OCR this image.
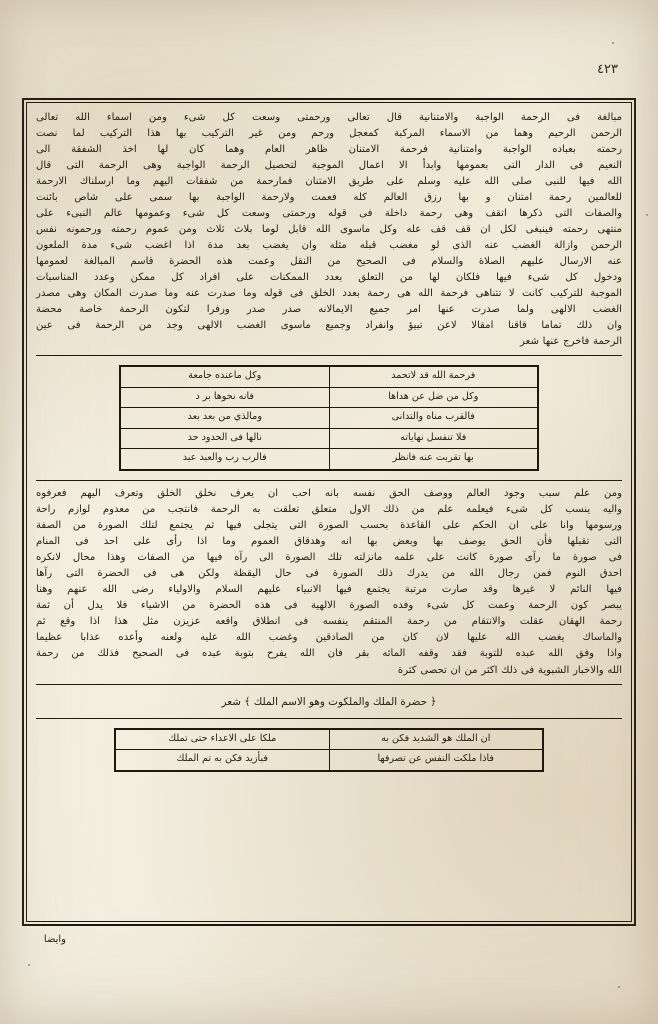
٤٢٣
مبالغة فى الرحمة الواجبة والامتنانية قال تعالى ورحمتى وسعت كل شىء ومن اسماء الله تعالى
الرحمن الرحيم وهما من الاسماء المركبة كمعجل ورحم ومن غير الترکیب بها هذا التركيب لما نصت
رحمته بعباده الواجبة وامتنانية فرحمة الامتنان ظاهر العام وهما كان لها اخذ الشفقة الى
النعيم فى الدار التى بعمومها وابدأ الا اعمال الموجبة لتحصيل الرحمة الواجبة وهى الرحمة التى قال
الله فيها للنبى صلى الله عليه وسلم على طريق الامتنان فمارحمة من شفقات اليهم وما ارسلناك الارحمة
للعالمين رحمة امتنان و بها رزق العالم كله فعمت ولارحمة الواجبة بها سمى على شاص بائنت
والصفات التى ذكرها اتقف وهى رحمة داخلة فى قوله ورحمتى وسعت كل شىء وعمومها عالم النبىء على
منتهى رحمته فينبغى لكل ان قف قف عله وكل ماسوى الله قابل لوما بلاث ثلاث ومن عموم رحمته ورحمونه نفس
الرحمن وازالة الغضب عنه الذى لو مغضب قبله مثله وان یغضب بعد مدة اذا اغضب شىء مدة الملعون
عنه الارسال عليهم الصلاة والسلام فى الصحيح من النقل وعمت هذه الحضرة قاسم المبالغة لعمومها
ودخول كل شىء فيها فلكان لها من التعلق بعدد الممكنات على افراد كل ممكن وعدد المناسبات
الموجبة للتركيب كانت لا تتناهى فرحمة الله هى رحمة بعدد الخلق فى قوله وما صدرت عنه وما صدرت المكان وهى مصدر
الغضب الالهى ولما صدرت عنها امر جميع الايمالانه صدر صدر ورفرا لتكون الرحمة خاصة محضة
وان ذلك تماما قاقنا امقالا لاعن تبيؤ وانفراد وجميع ماسوى الغضب الالهى وجد من الرحمة فى عين
الرحمة فاخرج عنها شعر
فرحمة الله قد لاتحمد	وكل ماعنده جامعة
وكل من ضل عن هداها	فانه نحوها بر د
فالقرب مناه والتدانى	ومالذي من بعد بعد
فلا تنفسل نهاياته	نالها فى الحدود حد
بها تقربت عنه فانظر	فالرب رب والعبد عبد
ومن علم سبب وجود العالم ووصف الحق نفسه بانه احب ان يعرف نخلق الخلق وتعرف اليهم فعرفوه
واليه ينسب كل شىء فيعلمه علم من ذلك الاول متعلق تعلقت به الرحمة فانتجب من معدوم لوازم راحة
ورسومها وانا على ان الحكم على القاعدة بحسب الصورة التى يتجلى فيها ثم يجتمع لتلك الصورة من الصفة
التى تقبلها فأن الحق يوصف بها وبعض بها انه وهدقاق العموم وما اذا رأى على احد فى المنام
فى صورة ما رآى صورة كانت على علمه مانزلته تلك الصورة الى رآه فيها من الصفات وهذا محال لانكره
احدق النوم فمن رجال الله من يدرك ذلك الصورة فى حال اليقظة ولكن هى فى الحضرة التى رآها
فيها النائم لا غيرها وقد صارت مرتبة يجتمع فيها الانبياء عليهم السلام والاولياء رضى الله عنهم وهنا
يبصر كون الرحمة وعمت كل شىء وفده الصورة الالهية فى هذه الحضرة من الاشياء فلا يدل أن ثمة
رحمة الهقان عقلت والانتقام من رحمة المنتقم ينفسه فى انطلاق واقعه عزيزن مثل هذا اذا وقع ثم
والماساك يغضب الله عليها لان كان من الصادقين وغضب الله عليه ولعنه وأعده عذابا عظيما
واذا وفق الله عبده للتوبة فقد وقفه المائه بقر فان الله يفرح بتوبة عبده فى الصحيح فذلك من رحمة
الله والاخبار الشبوية فى ذلك اكثر من ان تحصى كثرة
﴿ حضرة الملك والملكوت وهو الاسم الملك ﴾ شعر
ان الملك هو الشديد فكن به	ملكا على الاعداء حتى تملك
فاذا ملكت النفس عن تصرفها	فبأزيد فكن به تم الملك
وايضا
